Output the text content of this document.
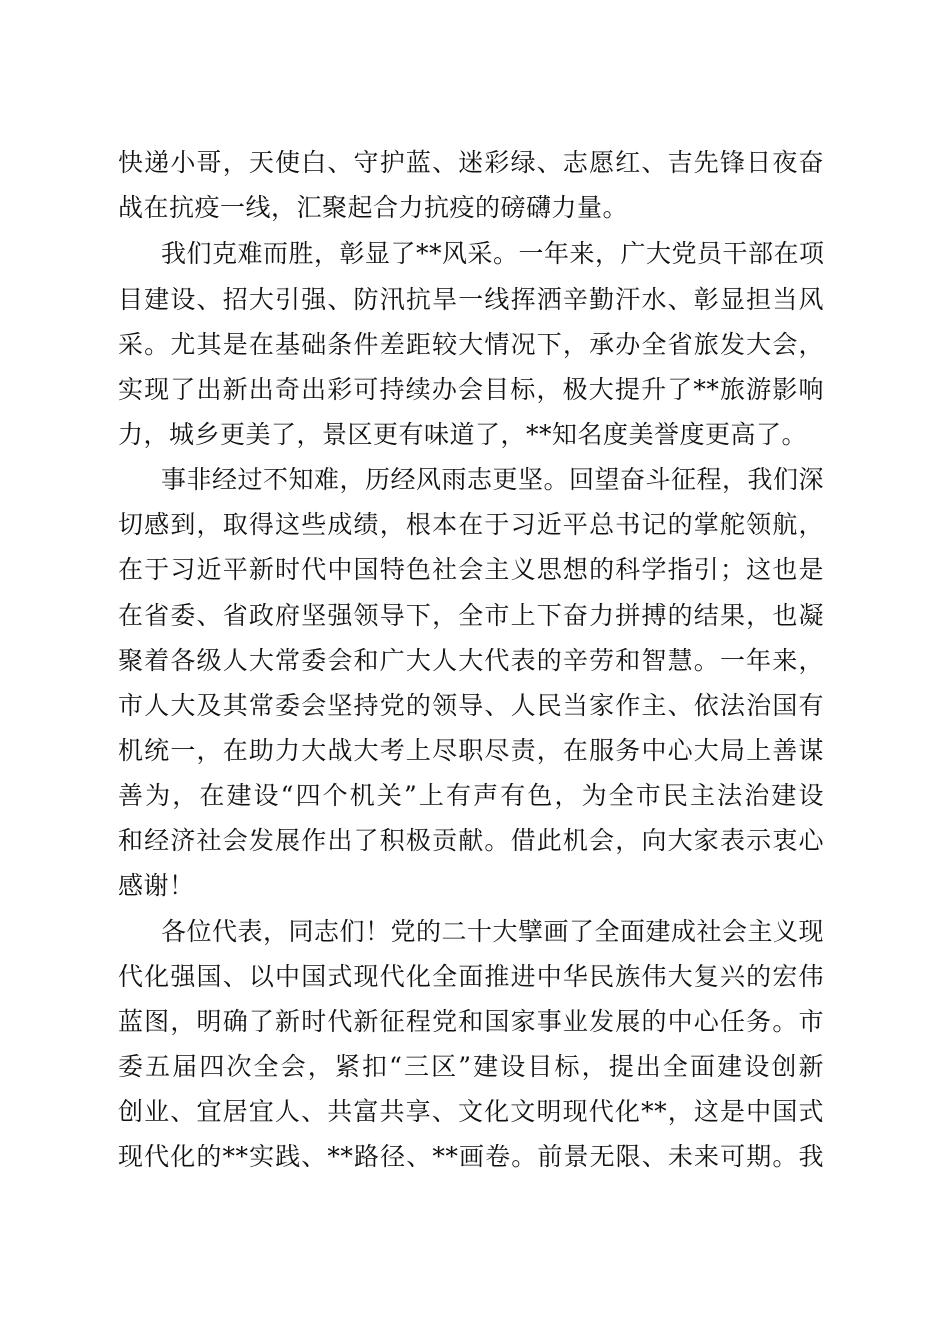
快递小哥，天使白、守护蓝、迷彩绿、志愿红、吉先锋日夜奋
战在抗疫一线，汇聚起合力抗疫的磅礴力量。
我们克难而胜，彰显了**风采。一年来，广大党员干部在项
目建设、招大引强、防汛抗旱一线挥洒辛勤汗水、彰显担当风
采。尤其是在基础条件差距较大情况下，承办全省旅发大会，
实现了出新出奇出彩可持续办会目标，极大提升了**旅游影响
力，城乡更美了，景区更有味道了，**知名度美誉度更高了。
事非经过不知难，历经风雨志更坚。回望奋斗征程，我们深
切感到，取得这些成绩，根本在于习近平总书记的掌舵领航，
在于习近平新时代中国特色社会主义思想的科学指引；这也是
在省委、省政府坚强领导下，全市上下奋力拼搏的结果，也凝
聚着各级人大常委会和广大人大代表的辛劳和智慧。一年来，
市人大及其常委会坚持党的领导、人民当家作主、依法治国有
机统一，在助力大战大考上尽职尽责，在服务中心大局上善谋
善为，在建设“四个机关”上有声有色，为全市民主法治建设
和经济社会发展作出了积极贡献。借此机会，向大家表示衷心
感谢！
各位代表，同志们！党的二十大擘画了全面建成社会主义现
代化强国、以中国式现代化全面推进中华民族伟大复兴的宏伟
蓝图，明确了新时代新征程党和国家事业发展的中心任务。市
委五届四次全会，紧扣“三区”建设目标，提出全面建设创新
创业、宜居宜人、共富共享、文化文明现代化**，这是中国式
现代化的**实践、**路径、**画卷。前景无限、未来可期。我
